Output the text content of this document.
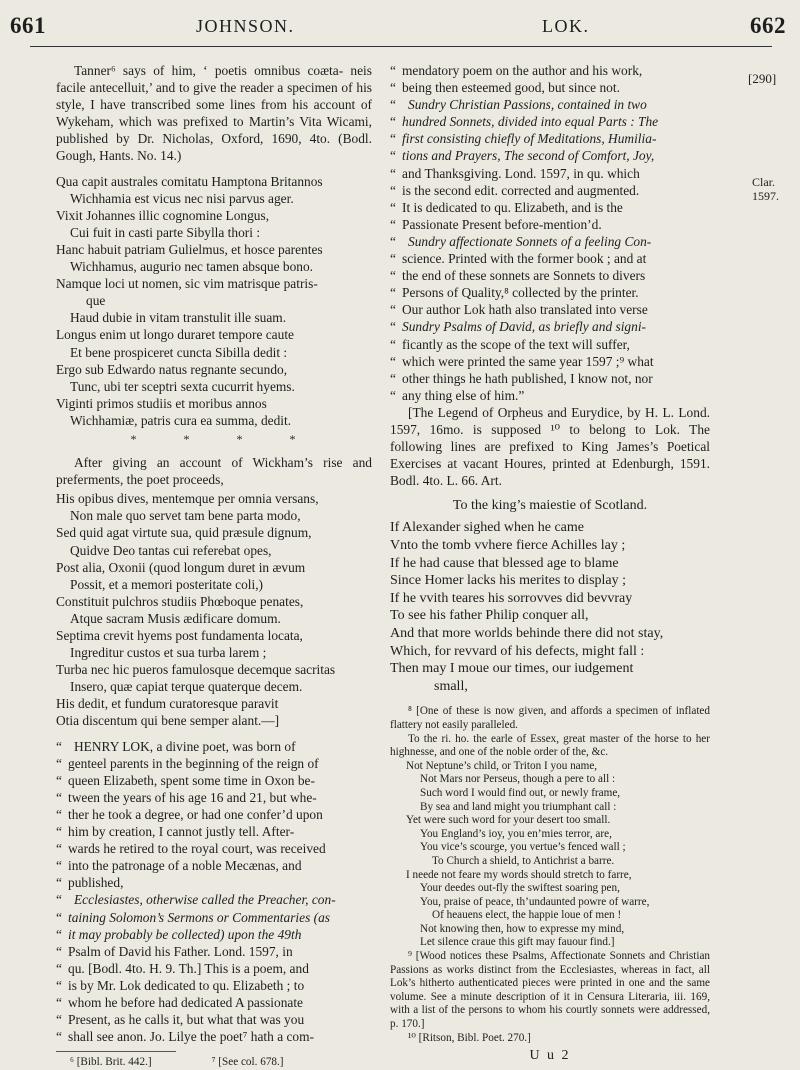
661	JOHNSON.	LOK.	662

Tanner⁶ says of him, ‘ poetis omnibus coæta- neis facile antecelluit,’ and to give the reader a specimen of his style, I have transcribed some lines from his account of Wykeham, which was prefixed to Martin’s Vita Wicami, published by Dr. Nicholas, Oxford, 1690, 4to. (Bodl. Gough, Hants. No. 14.)

Qua capit australes comitatu Hamptona Britannos
Wichhamia est vicus nec nisi parvus ager.
Vixit Johannes illic cognomine Longus,
Cui fuit in casti parte Sibylla thori :
Hanc habuit patriam Gulielmus, et hosce parentes
Wichhamus, augurio nec tamen absque bono.
Namque loci ut nomen, sic vim matrisque patris-
que
Haud dubie in vitam transtulit ille suam.
Longus enim ut longo duraret tempore caute
Et bene prospiceret cuncta Sibilla dedit :
Ergo sub Edwardo natus regnante secundo,
Tunc, ubi ter sceptri sexta cucurrit hyems.
Viginti primos studiis et moribus annos
Wichhamiæ, patris cura ea summa, dedit.
* * * *

After giving an account of Wickham’s rise and preferments, the poet proceeds,

His opibus dives, mentemque per omnia versans,
Non male quo servet tam bene parta modo,
Sed quid agat virtute sua, quid præsule dignum,
Quidve Deo tantas cui referebat opes,
Post alia, Oxonii (quod longum duret in ævum
Possit, et a memori posteritate coli,)
Constituit pulchros studiis Phœboque penates,
Atque sacram Musis ædificare domum.
Septima crevit hyems post fundamenta locata,
Ingreditur custos et sua turba larem ;
Turba nec hic pueros famulosque decemque sacritas
Insero, quæ capiat terque quaterque decem.
His dedit, et fundum curatoresque paravit
Otia discentum qui bene semper alant.—]
“ HENRY LOK, a divine poet, was born of
“ genteel parents in the beginning of the reign of
“ queen Elizabeth, spent some time in Oxon be-
“ tween the years of his age 16 and 21, but whe-
“ ther he took a degree, or had one confer’d upon
“ him by creation, I cannot justly tell. After-
“ wards he retired to the royal court, was received
“ into the patronage of a noble Mecænas, and
“ published,
“ Ecclesiastes, otherwise called the Preacher, con-
“ taining Solomon’s Sermons or Commentaries (as
“ it may probably be collected) upon the 49th
“ Psalm of David his Father. Lond. 1597, in
“ qu. [Bodl. 4to. H. 9. Th.] This is a poem, and
“ is by Mr. Lok dedicated to qu. Elizabeth ; to
“ whom he before had dedicated A passionate
“ Present, as he calls it, but what that was you
“ shall see anon. Jo. Lilye the poet⁷ hath a com-
⁶ [Bibl. Brit. 442.]	⁷ [See col. 678.]
“ mendatory poem on the author and his work,
“ being then esteemed good, but since not.
“ Sundry Christian Passions, contained in two
“ hundred Sonnets, divided into equal Parts : The
“ first consisting chiefly of Meditations, Humilia-
“ tions and Prayers, The second of Comfort, Joy,
“ and Thanksgiving. Lond. 1597, in qu. which
“ is the second edit. corrected and augmented.
“ It is dedicated to qu. Elizabeth, and is the
“ Passionate Present before-mention’d.
“ Sundry affectionate Sonnets of a feeling Con-
“ science. Printed with the former book ; and at
“ the end of these sonnets are Sonnets to divers
“ Persons of Quality,⁸ collected by the printer.
“ Our author Lok hath also translated into verse
“ Sundry Psalms of David, as briefly and signi-
“ ficantly as the scope of the text will suffer,
“ which were printed the same year 1597 ;⁹ what
“ other things he hath published, I know not, nor
“ any thing else of him.”

[The Legend of Orpheus and Eurydice, by H. L. Lond. 1597, 16mo. is supposed ¹⁰ to belong to Lok. The following lines are prefixed to King James’s Poetical Exercises at vacant Houres, printed at Edenburgh, 1591. Bodl. 4to. L. 66. Art.

To the king’s maiestie of Scotland.

If Alexander sighed when he came
Vnto the tomb vvhere fierce Achilles lay ;
If he had cause that blessed age to blame
Since Homer lacks his merites to display ;
If he vvith teares his sorrovves did bevvray
To see his father Philip conquer all,
And that more worlds behinde there did not stay,
Which, for revvard of his defects, might fall :
Then may I moue our times, our iudgement
small,

⁸ [One of these is now given, and affords a specimen of inflated flattery not easily paralleled.

To the ri. ho. the earle of Essex, great master of the horse to her highnesse, and one of the noble order of the, &c.

Not Neptune’s child, or Triton I you name,
Not Mars nor Perseus, though a pere to all :
Such word I would find out, or newly frame,
By sea and land might you triumphant call :
Yet were such word for your desert too small.
You England’s ioy, you en’mies terror, are,
You vice’s scourge, you vertue’s fenced wall ;
To Church a shield, to Antichrist a barre.
I neede not feare my words should stretch to farre,
Your deedes out-fly the swiftest soaring pen,
You, praise of peace, th’undaunted powre of warre,
Of heauens elect, the happie loue of men !
Not knowing then, how to expresse my mind,
Let silence craue this gift may fauour find.]

⁹ [Wood notices these Psalms, Affectionate Sonnets and Christian Passions as works distinct from the Ecclesiastes, whereas in fact, all Lok’s hitherto authenticated pieces were printed in one and the same volume. See a minute description of it in Censura Literaria, iii. 169, with a list of the persons to whom his courtly sonnets were addressed, p. 170.]

¹⁰ [Ritson, Bibl. Poet. 270.]

U u 2
[290]
Clar.
1597.
